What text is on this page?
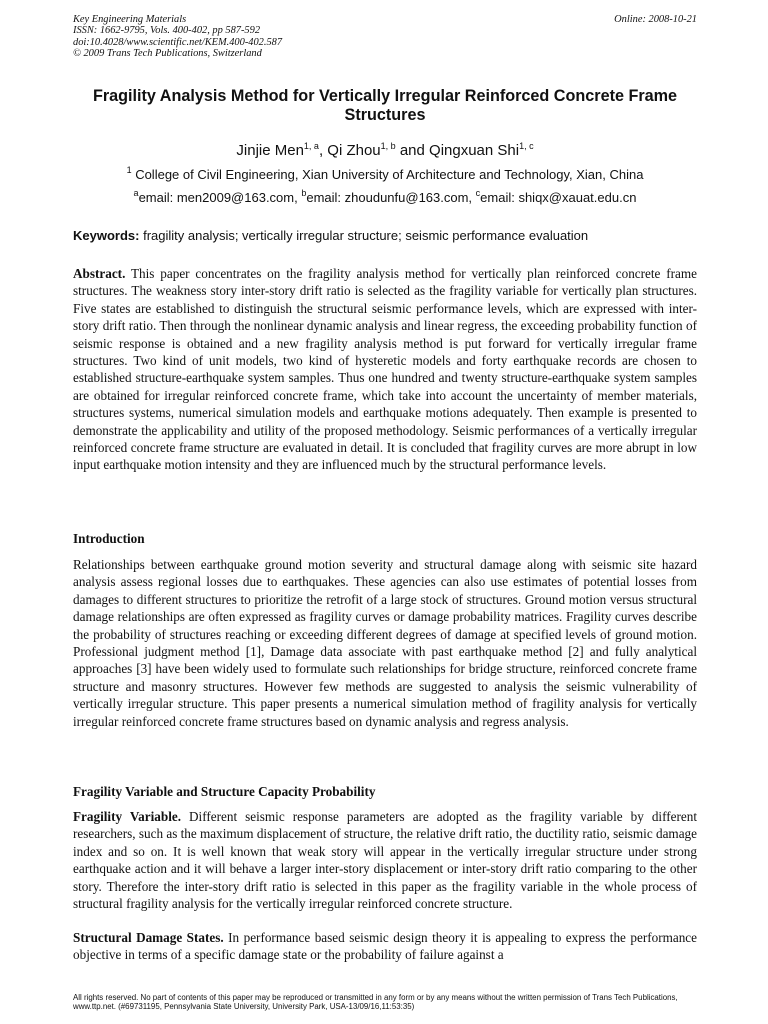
Key Engineering Materials
ISSN: 1662-9795, Vols. 400-402, pp 587-592
doi:10.4028/www.scientific.net/KEM.400-402.587
© 2009 Trans Tech Publications, Switzerland
Online: 2008-10-21
Fragility Analysis Method for Vertically Irregular Reinforced Concrete Frame Structures
Jinjie Men$^{1, a}$, Qi Zhou$^{1, b}$ and Qingxuan Shi$^{1, c}$
$^1$ College of Civil Engineering, Xian University of Architecture and Technology, Xian, China
$^a$email: men2009@163.com, $^b$email: zhoudunfu@163.com, $^c$email: shiqx@xauat.edu.cn
Keywords: fragility analysis; vertically irregular structure; seismic performance evaluation
Abstract. This paper concentrates on the fragility analysis method for vertically plan reinforced concrete frame structures. The weakness story inter-story drift ratio is selected as the fragility variable for vertically plan structures. Five states are established to distinguish the structural seismic performance levels, which are expressed with inter-story drift ratio. Then through the nonlinear dynamic analysis and linear regress, the exceeding probability function of seismic response is obtained and a new fragility analysis method is put forward for vertically irregular frame structures. Two kind of unit models, two kind of hysteretic models and forty earthquake records are chosen to established structure-earthquake system samples. Thus one hundred and twenty structure-earthquake system samples are obtained for irregular reinforced concrete frame, which take into account the uncertainty of member materials, structures systems, numerical simulation models and earthquake motions adequately. Then example is presented to demonstrate the applicability and utility of the proposed methodology. Seismic performances of a vertically irregular reinforced concrete frame structure are evaluated in detail. It is concluded that fragility curves are more abrupt in low input earthquake motion intensity and they are influenced much by the structural performance levels.
Introduction
Relationships between earthquake ground motion severity and structural damage along with seismic site hazard analysis assess regional losses due to earthquakes. These agencies can also use estimates of potential losses from damages to different structures to prioritize the retrofit of a large stock of structures. Ground motion versus structural damage relationships are often expressed as fragility curves or damage probability matrices. Fragility curves describe the probability of structures reaching or exceeding different degrees of damage at specified levels of ground motion. Professional judgment method [1], Damage data associate with past earthquake method [2] and fully analytical approaches [3] have been widely used to formulate such relationships for bridge structure, reinforced concrete frame structure and masonry structures. However few methods are suggested to analysis the seismic vulnerability of vertically irregular structure. This paper presents a numerical simulation method of fragility analysis for vertically irregular reinforced concrete frame structures based on dynamic analysis and regress analysis.
Fragility Variable and Structure Capacity Probability
Fragility Variable. Different seismic response parameters are adopted as the fragility variable by different researchers, such as the maximum displacement of structure, the relative drift ratio, the ductility ratio, seismic damage index and so on. It is well known that weak story will appear in the vertically irregular structure under strong earthquake action and it will behave a larger inter-story displacement or inter-story drift ratio comparing to the other story. Therefore the inter-story drift ratio is selected in this paper as the fragility variable in the whole process of structural fragility analysis for the vertically irregular reinforced concrete structure.
Structural Damage States. In performance based seismic design theory it is appealing to express the performance objective in terms of a specific damage state or the probability of failure against a
All rights reserved. No part of contents of this paper may be reproduced or transmitted in any form or by any means without the written permission of Trans Tech Publications, www.ttp.net. (#69731195, Pennsylvania State University, University Park, USA-13/09/16,11:53:35)
